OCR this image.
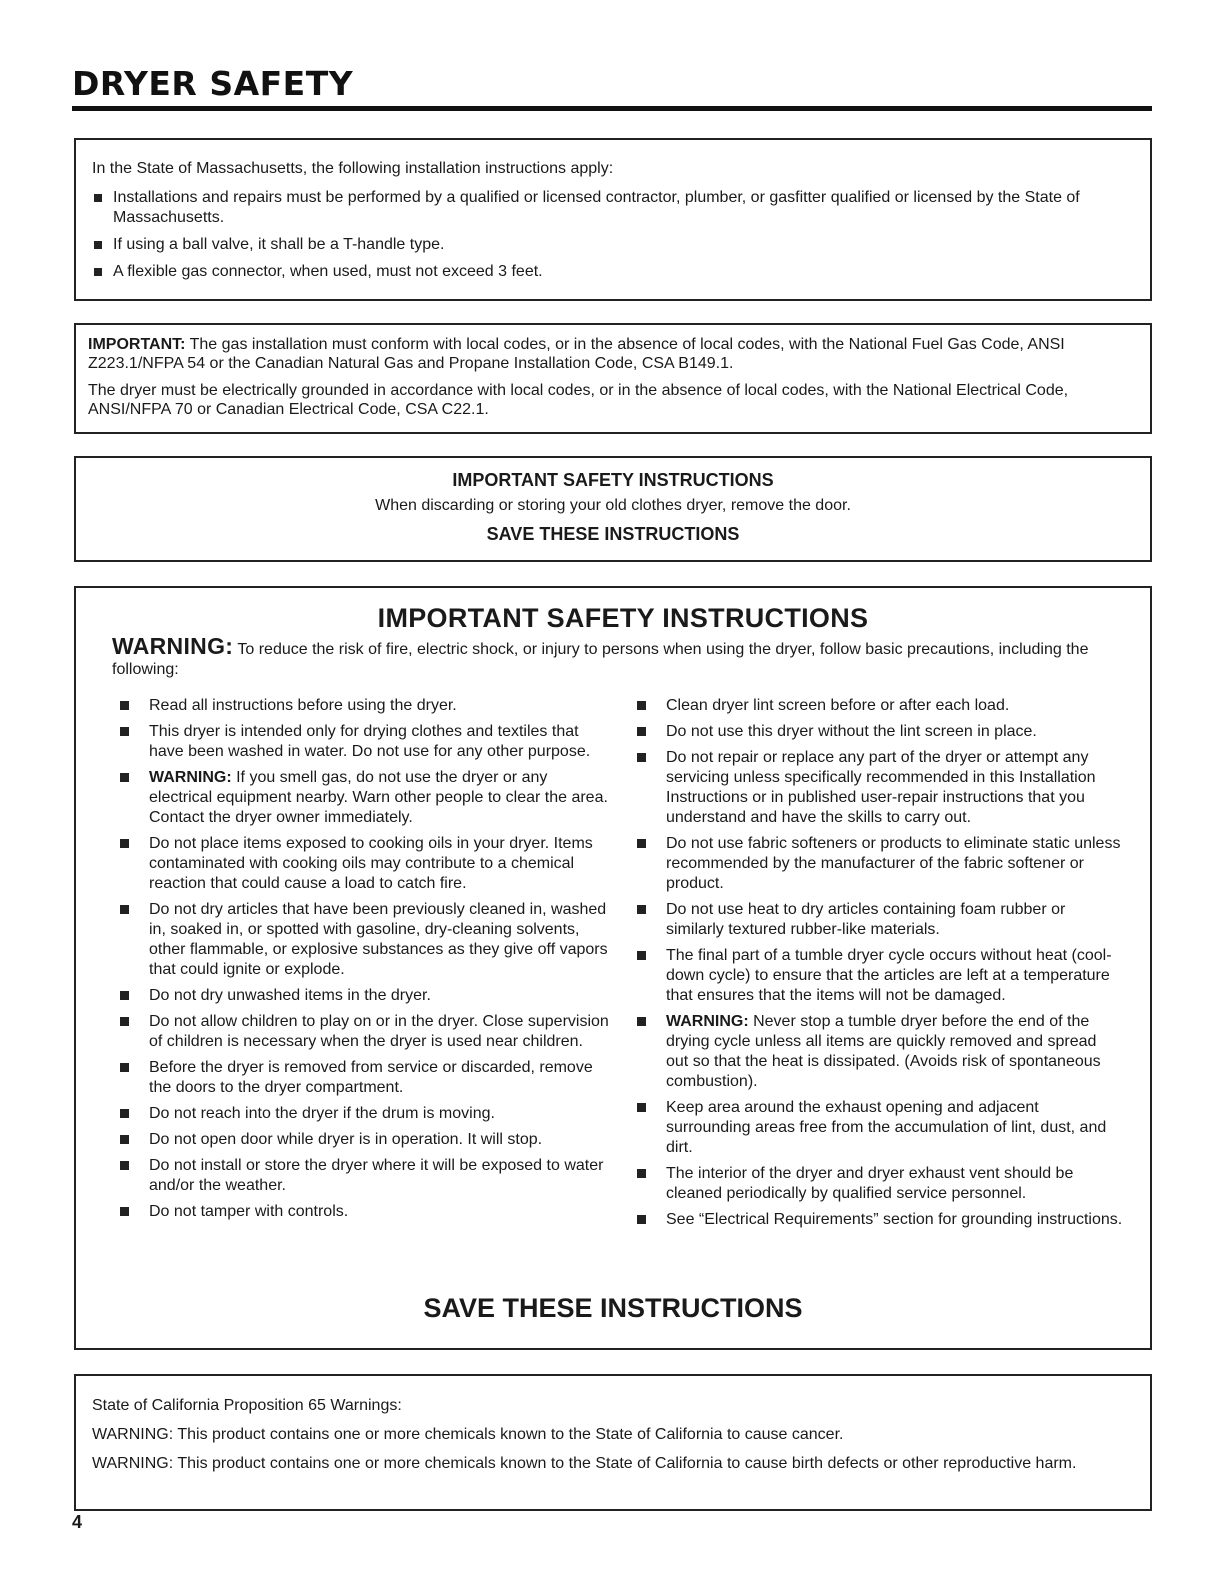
DRYER SAFETY

In the State of Massachusetts, the following installation instructions apply:

Installations and repairs must be performed by a qualified or licensed contractor, plumber, or gasfitter qualified or licensed by the State of Massachusetts.
If using a ball valve, it shall be a T-handle type.
A flexible gas connector, when used, must not exceed 3 feet.

IMPORTANT: The gas installation must conform with local codes, or in the absence of local codes, with the National Fuel Gas Code, ANSI Z223.1/NFPA 54 or the Canadian Natural Gas and Propane Installation Code, CSA B149.1.

The dryer must be electrically grounded in accordance with local codes, or in the absence of local codes, with the National Electrical Code, ANSI/NFPA 70 or Canadian Electrical Code, CSA C22.1.

IMPORTANT SAFETY INSTRUCTIONS
When discarding or storing your old clothes dryer, remove the door.
SAVE THESE INSTRUCTIONS
IMPORTANT SAFETY INSTRUCTIONS

WARNING: To reduce the risk of fire, electric shock, or injury to persons when using the dryer, follow basic precautions, including the following:

Read all instructions before using the dryer.
This dryer is intended only for drying clothes and textiles that have been washed in water. Do not use for any other purpose.
WARNING: If you smell gas, do not use the dryer or any electrical equipment nearby. Warn other people to clear the area. Contact the dryer owner immediately.
Do not place items exposed to cooking oils in your dryer. Items contaminated with cooking oils may contribute to a chemical reaction that could cause a load to catch fire.
Do not dry articles that have been previously cleaned in, washed in, soaked in, or spotted with gasoline, dry-cleaning solvents, other flammable, or explosive substances as they give off vapors that could ignite or explode.
Do not dry unwashed items in the dryer.
Do not allow children to play on or in the dryer. Close supervision of children is necessary when the dryer is used near children.
Before the dryer is removed from service or discarded, remove the doors to the dryer compartment.
Do not reach into the dryer if the drum is moving.
Do not open door while dryer is in operation. It will stop.
Do not install or store the dryer where it will be exposed to water and/or the weather.
Do not tamper with controls.
Clean dryer lint screen before or after each load.
Do not use this dryer without the lint screen in place.
Do not repair or replace any part of the dryer or attempt any servicing unless specifically recommended in this Installation Instructions or in published user-repair instructions that you understand and have the skills to carry out.
Do not use fabric softeners or products to eliminate static unless recommended by the manufacturer of the fabric softener or product.
Do not use heat to dry articles containing foam rubber or similarly textured rubber-like materials.
The final part of a tumble dryer cycle occurs without heat (cool-down cycle) to ensure that the articles are left at a temperature that ensures that the items will not be damaged.
WARNING: Never stop a tumble dryer before the end of the drying cycle unless all items are quickly removed and spread out so that the heat is dissipated. (Avoids risk of spontaneous combustion).
Keep area around the exhaust opening and adjacent surrounding areas free from the accumulation of lint, dust, and dirt.
The interior of the dryer and dryer exhaust vent should be cleaned periodically by qualified service personnel.
See “Electrical Requirements” section for grounding instructions.
SAVE THESE INSTRUCTIONS

State of California Proposition 65 Warnings:

WARNING: This product contains one or more chemicals known to the State of California to cause cancer.

WARNING: This product contains one or more chemicals known to the State of California to cause birth defects or other reproductive harm.

4
